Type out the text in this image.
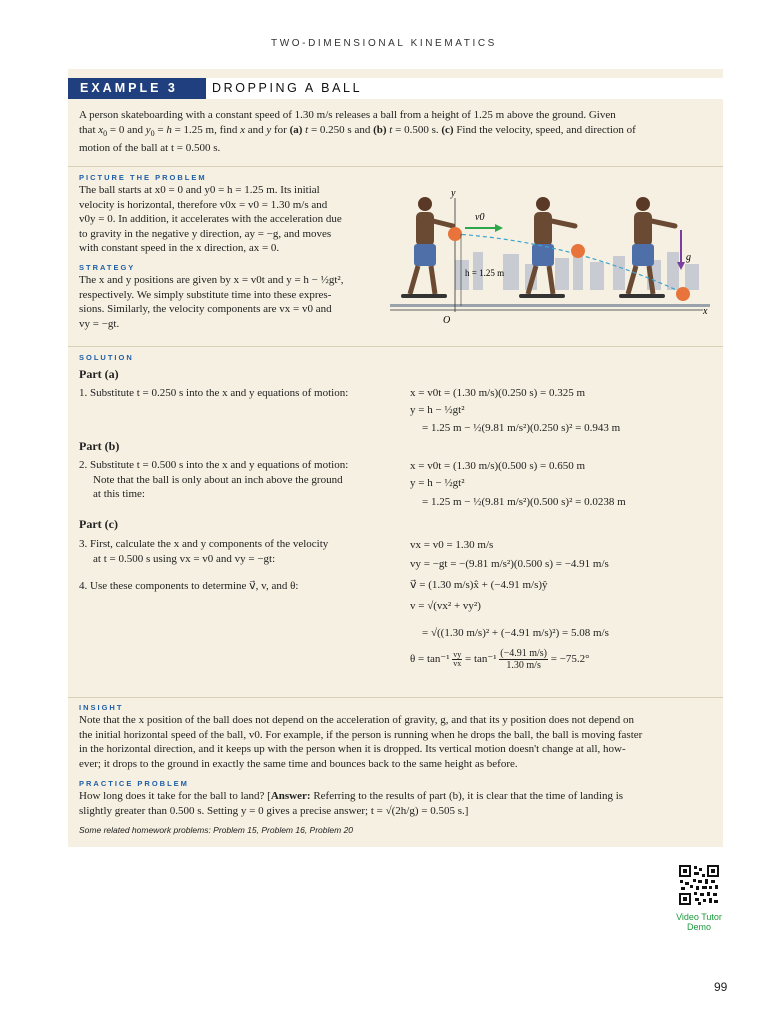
TWO-DIMENSIONAL KINEMATICS
EXAMPLE 3	DROPPING A BALL
A person skateboarding with a constant speed of 1.30 m/s releases a ball from a height of 1.25 m above the ground. Given
that $x_0 = 0$ and $y_0 = h = 1.25$ m, find x and y for (a) t = 0.250 s and (b) t = 0.500 s. (c) Find the velocity, speed, and direction of
motion of the ball at t = 0.500 s.
PICTURE THE PROBLEM
The ball starts at x0 = 0 and y0 = h = 1.25 m. Its initial
velocity is horizontal, therefore v0x = v0 = 1.30 m/s and
v0y = 0. In addition, it accelerates with the acceleration due
to gravity in the negative y direction, ay = −g, and moves
with constant speed in the x direction, ax = 0.
STRATEGY
The x and y positions are given by x = v0t and y = h − ½gt²,
respectively. We simply substitute time into these expres-
sions. Similarly, the velocity components are vx = v0 and
vy = −gt.
y
x
O
v0
g
h = 1.25 m
SOLUTION
Part (a)
1. Substitute t = 0.250 s into the x and y equations of motion:	x = v0t = (1.30 m/s)(0.250 s) = 0.325 m
y = h − ½gt²
= 1.25 m − ½(9.81 m/s²)(0.250 s)² = 0.943 m
Part (b)
2. Substitute t = 0.500 s into the x and y equations of motion:
Note that the ball is only about an inch above the ground
at this time:
x = v0t = (1.30 m/s)(0.500 s) = 0.650 m
y = h − ½gt²
= 1.25 m − ½(9.81 m/s²)(0.500 s)² = 0.0238 m
Part (c)
3. First, calculate the x and y components of the velocity
at t = 0.500 s using vx = v0 and vy = −gt:
4. Use these components to determine v⃗, v, and θ:
vx = v0 = 1.30 m/s
vy = −gt = −(9.81 m/s²)(0.500 s) = −4.91 m/s
v⃗ = (1.30 m/s)x̂ + (−4.91 m/s)ŷ
v = √(vx² + vy²)
= √((1.30 m/s)² + (−4.91 m/s)²) = 5.08 m/s
$\theta = \tan^{-1} \frac{vy}{vx} = \tan^{-1} \frac{(-4.91 m/s)}{1.30 m/s} = -75.2^\circ$
INSIGHT
Note that the x position of the ball does not depend on the acceleration of gravity, g, and that its y position does not depend on
the initial horizontal speed of the ball, v0. For example, if the person is running when he drops the ball, the ball is moving faster
in the horizontal direction, and it keeps up with the person when it is dropped. Its vertical motion doesn't change at all, how-
ever; it drops to the ground in exactly the same time and bounces back to the same height as before.
PRACTICE PROBLEM
How long does it take for the ball to land? [Answer: Referring to the results of part (b), it is clear that the time of landing is
slightly greater than 0.500 s. Setting y = 0 gives a precise answer; t = √(2h/g) = 0.505 s.]
Some related homework problems: Problem 15, Problem 16, Problem 20
Video Tutor
Demo
99
